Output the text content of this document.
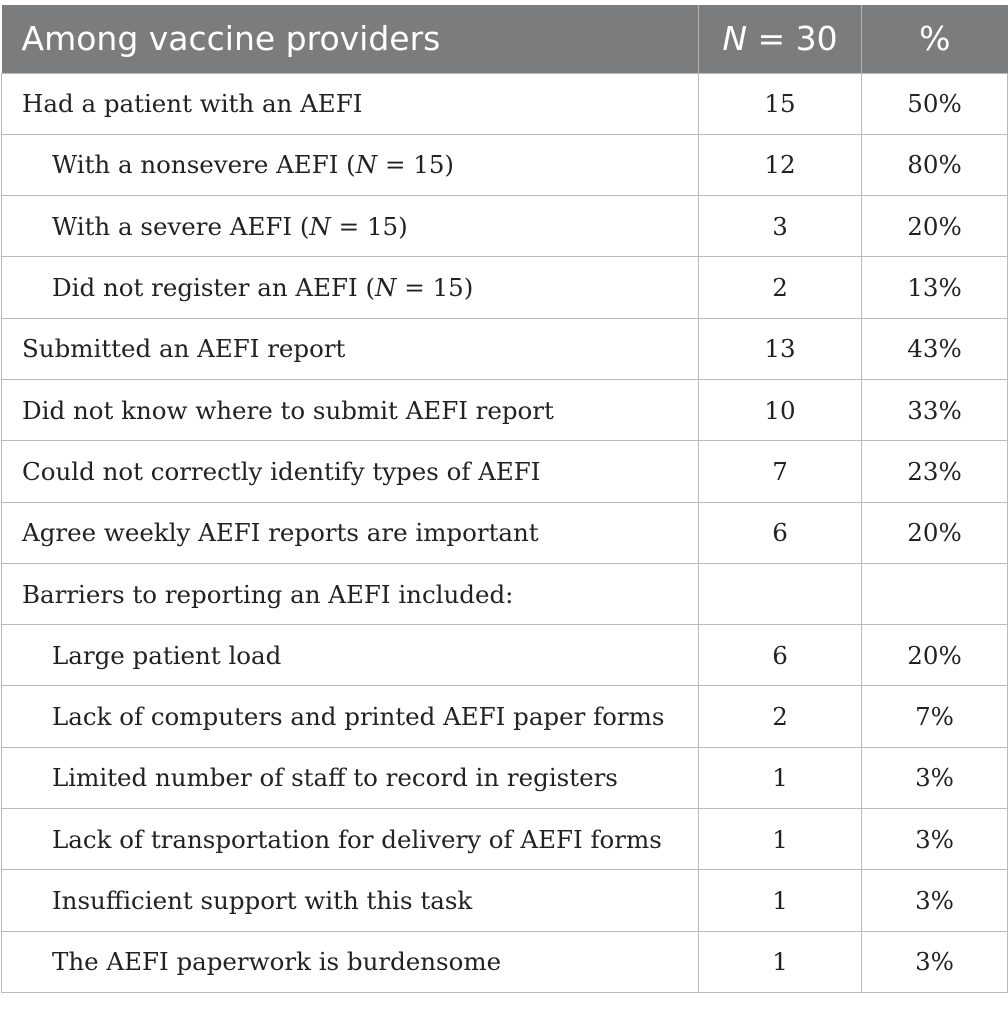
Among vaccine providers	N = 30	%
Had a patient with an AEFI	15	50%
With a nonsevere AEFI (N = 15)	12	80%
With a severe AEFI (N = 15)	3	20%
Did not register an AEFI (N = 15)	2	13%
Submitted an AEFI report	13	43%
Did not know where to submit AEFI report	10	33%
Could not correctly identify types of AEFI	7	23%
Agree weekly AEFI reports are important	6	20%
Barriers to reporting an AEFI included:		
Large patient load	6	20%
Lack of computers and printed AEFI paper forms	2	7%
Limited number of staff to record in registers	1	3%
Lack of transportation for delivery of AEFI forms	1	3%
Insufficient support with this task	1	3%
The AEFI paperwork is burdensome	1	3%
